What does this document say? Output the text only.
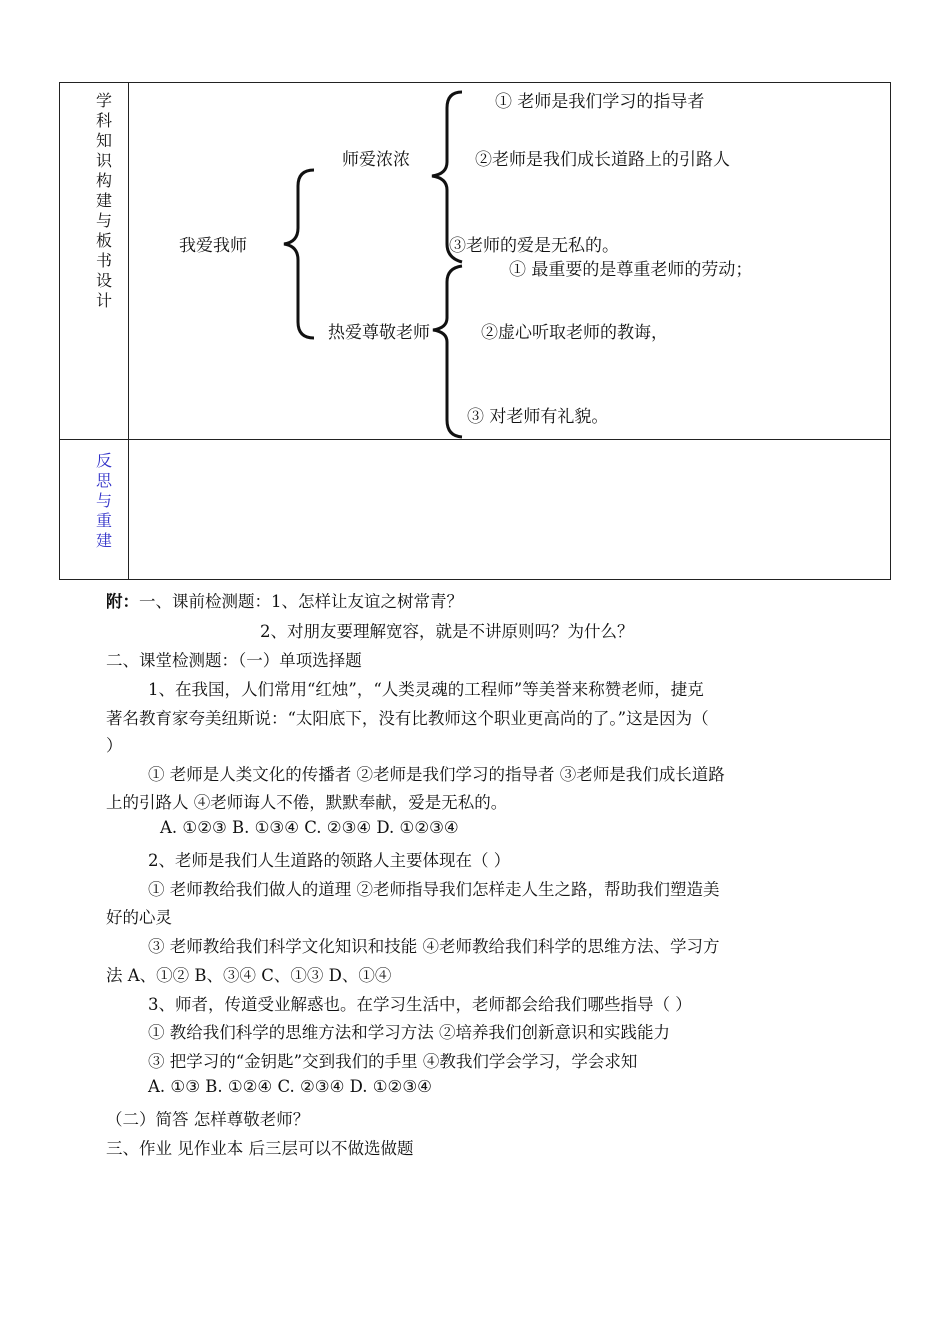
学科知识构建与板书设计
反思与重建
我爱我师
师爱浓浓
① 老师是我们学习的指导者
②老师是我们成长道路上的引路人
③老师的爱是无私的。
热爱尊敬老师
① 最重要的是尊重老师的劳动；
②虚心听取老师的教诲，
③ 对老师有礼貌。
附：一、课前检测题：1、怎样让友谊之树常青？
2、对朋友要理解宽容，就是不讲原则吗？为什么？
二、课堂检测题：（一）单项选择题
1、在我国，人们常用“红烛”，“人类灵魂的工程师”等美誉来称赞老师，捷克
著名教育家夸美纽斯说：“太阳底下，没有比教师这个职业更高尚的了。”这是因为（
）
① 老师是人类文化的传播者 ②老师是我们学习的指导者 ③老师是我们成长道路
上的引路人 ④老师诲人不倦，默默奉献，爱是无私的。
A. ①②③ B. ①③④ C. ②③④ D. ①②③④
2、老师是我们人生道路的领路人主要体现在（ ）
① 老师教给我们做人的道理 ②老师指导我们怎样走人生之路，帮助我们塑造美
好的心灵
③ 老师教给我们科学文化知识和技能 ④老师教给我们科学的思维方法、学习方
法 A、①② B、③④ C、①③ D、①④
3、师者，传道受业解惑也。在学习生活中，老师都会给我们哪些指导（ ）
① 教给我们科学的思维方法和学习方法 ②培养我们创新意识和实践能力
③ 把学习的“金钥匙”交到我们的手里 ④教我们学会学习，学会求知
A. ①③ B. ①②④ C. ②③④ D. ①②③④
（二）简答 怎样尊敬老师？
三、作业 见作业本 后三层可以不做选做题
